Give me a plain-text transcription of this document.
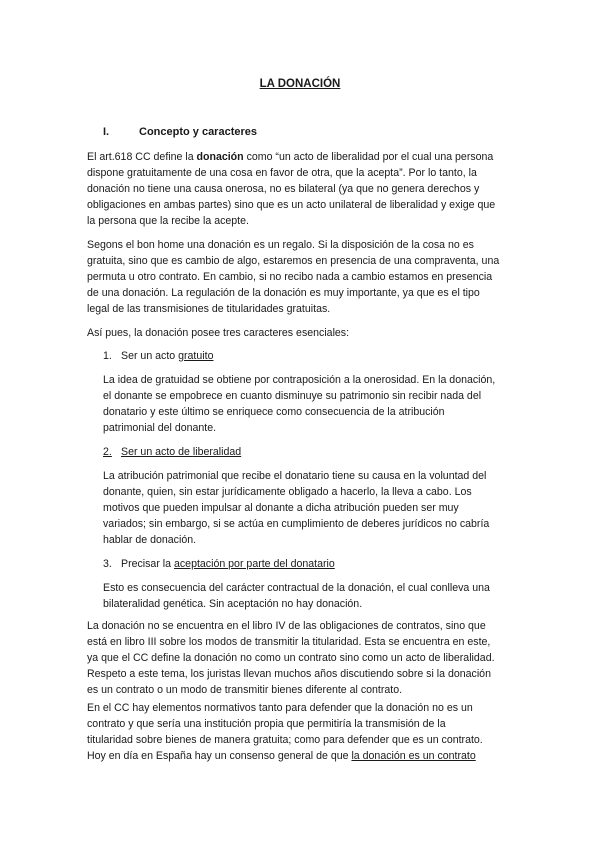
LA DONACIÓN
I.	Concepto y caracteres
El art.618 CC define la donación como “un acto de liberalidad por el cual una persona
dispone gratuitamente de una cosa en favor de otra, que la acepta”. Por lo tanto, la
donación no tiene una causa onerosa, no es bilateral (ya que no genera derechos y
obligaciones en ambas partes) sino que es un acto unilateral de liberalidad y exige que
la persona que la recibe la acepte.
Segons el bon home una donación es un regalo. Si la disposición de la cosa no es
gratuita, sino que es cambio de algo, estaremos en presencia de una compraventa, una
permuta u otro contrato. En cambio, si no recibo nada a cambio estamos en presencia
de una donación. La regulación de la donación es muy importante, ya que es el tipo
legal de las transmisiones de titularidades gratuitas.
Así pues, la donación posee tres caracteres esenciales:
1. Ser un acto gratuito
La idea de gratuidad se obtiene por contraposición a la onerosidad. En la donación,
el donante se empobrece en cuanto disminuye su patrimonio sin recibir nada del
donatario y este último se enriquece como consecuencia de la atribución
patrimonial del donante.
2. Ser un acto de liberalidad
La atribución patrimonial que recibe el donatario tiene su causa en la voluntad del
donante, quien, sin estar jurídicamente obligado a hacerlo, la lleva a cabo. Los
motivos que pueden impulsar al donante a dicha atribución pueden ser muy
variados; sin embargo, si se actúa en cumplimiento de deberes jurídicos no cabría
hablar de donación.
3. Precisar la aceptación por parte del donatario
Esto es consecuencia del carácter contractual de la donación, el cual conlleva una
bilateralidad genética. Sin aceptación no hay donación.
La donación no se encuentra en el libro IV de las obligaciones de contratos, sino que
está en libro III sobre los modos de transmitir la titularidad. Esta se encuentra en este,
ya que el CC define la donación no como un contrato sino como un acto de liberalidad.
Respeto a este tema, los juristas llevan muchos años discutiendo sobre si la donación
es un contrato o un modo de transmitir bienes diferente al contrato.
En el CC hay elementos normativos tanto para defender que la donación no es un
contrato y que sería una institución propia que permitiría la transmisión de la
titularidad sobre bienes de manera gratuita; como para defender que es un contrato.
Hoy en día en España hay un consenso general de que la donación es un contrato
